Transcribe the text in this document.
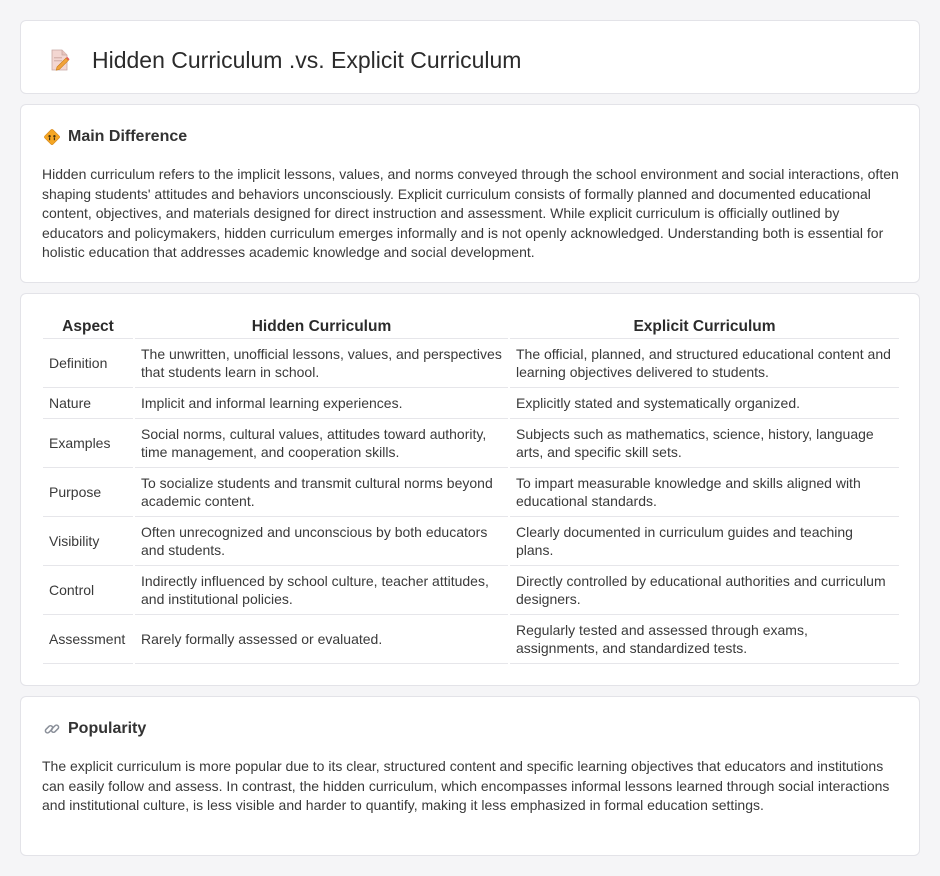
Hidden Curriculum .vs. Explicit Curriculum
Main Difference

Hidden curriculum refers to the implicit lessons, values, and norms conveyed through the school environment and social interactions, often shaping students' attitudes and behaviors unconsciously. Explicit curriculum consists of formally planned and documented educational content, objectives, and materials designed for direct instruction and assessment. While explicit curriculum is officially outlined by educators and policymakers, hidden curriculum emerges informally and is not openly acknowledged. Understanding both is essential for holistic education that addresses academic knowledge and social development.

Aspect	Hidden Curriculum	Explicit Curriculum
Definition	The unwritten, unofficial lessons, values, and perspectives that students learn in school.	The official, planned, and structured educational content and learning objectives delivered to students.
Nature	Implicit and informal learning experiences.	Explicitly stated and systematically organized.
Examples	Social norms, cultural values, attitudes toward authority, time management, and cooperation skills.	Subjects such as mathematics, science, history, language arts, and specific skill sets.
Purpose	To socialize students and transmit cultural norms beyond academic content.	To impart measurable knowledge and skills aligned with educational standards.
Visibility	Often unrecognized and unconscious by both educators and students.	Clearly documented in curriculum guides and teaching plans.
Control	Indirectly influenced by school culture, teacher attitudes, and institutional policies.	Directly controlled by educational authorities and curriculum designers.
Assessment	Rarely formally assessed or evaluated.	Regularly tested and assessed through exams, assignments, and standardized tests.
Popularity

The explicit curriculum is more popular due to its clear, structured content and specific learning objectives that educators and institutions can easily follow and assess. In contrast, the hidden curriculum, which encompasses informal lessons learned through social interactions and institutional culture, is less visible and harder to quantify, making it less emphasized in formal education settings.
